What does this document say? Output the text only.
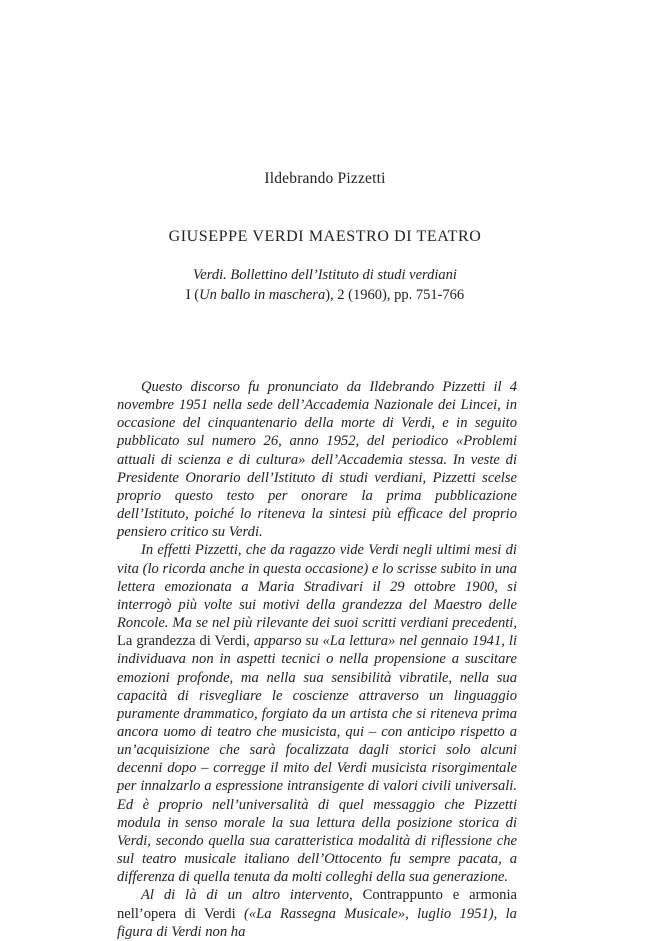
Ildebrando Pizzetti
GIUSEPPE VERDI MAESTRO DI TEATRO
Verdi. Bollettino dell’Istituto di studi verdiani
I (Un ballo in maschera), 2 (1960), pp. 751-766

Questo discorso fu pronunciato da Ildebrando Pizzetti il 4 novembre 1951 nella sede dell’Accademia Nazionale dei Lincei, in occasione del cinquantenario della morte di Verdi, e in seguito pubblicato sul numero 26, anno 1952, del periodico «Problemi attuali di scienza e di cultura» dell’Accademia stessa. In veste di Presidente Onorario dell’Istituto di studi verdiani, Pizzetti scelse proprio questo testo per onorare la prima pubblicazione dell’Istituto, poiché lo riteneva la sintesi più efficace del proprio pensiero critico su Verdi.

In effetti Pizzetti, che da ragazzo vide Verdi negli ultimi mesi di vita (lo ricorda anche in questa occasione) e lo scrisse subito in una lettera emozionata a Maria Stradivari il 29 ottobre 1900, si interrogò più volte sui motivi della grandezza del Maestro delle Roncole. Ma se nel più rilevante dei suoi scritti verdiani precedenti, La grandezza di Verdi, apparso su «La lettura» nel gennaio 1941, li individuava non in aspetti tecnici o nella propensione a suscitare emozioni profonde, ma nella sua sensibilità vibratile, nella sua capacità di risvegliare le coscienze attraverso un linguaggio puramente drammatico, forgiato da un artista che si riteneva prima ancora uomo di teatro che musicista, qui – con anticipo rispetto a un’acquisizione che sarà focalizzata dagli storici solo alcuni decenni dopo – corregge il mito del Verdi musicista risorgimentale per innalzarlo a espressione intransigente di valori civili universali. Ed è proprio nell’universalità di quel messaggio che Pizzetti modula in senso morale la sua lettura della posizione storica di Verdi, secondo quella sua caratteristica modalità di riflessione che sul teatro musicale italiano dell’Ottocento fu sempre pacata, a differenza di quella tenuta da molti colleghi della sua generazione.

Al di là di un altro intervento, Contrappunto e armonia nell’opera di Verdi («La Rassegna Musicale», luglio 1951), la figura di Verdi non ha
